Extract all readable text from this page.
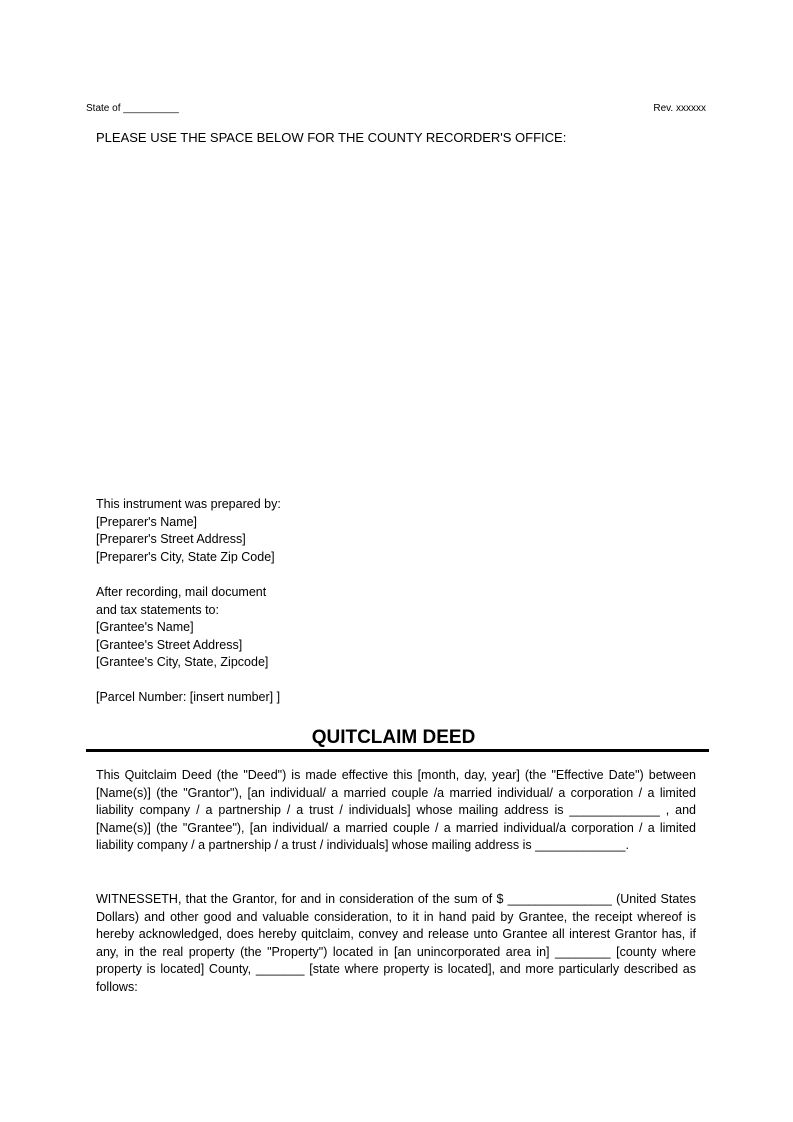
State of __________	Rev. xxxxxx
PLEASE USE THE SPACE BELOW FOR THE COUNTY RECORDER'S OFFICE:
This instrument was prepared by:
[Preparer's Name]
[Preparer's Street Address]
[Preparer's City, State Zip Code]
After recording, mail document
and tax statements to:
[Grantee's Name]
[Grantee's Street Address]
[Grantee's City, State, Zipcode]
[Parcel Number: [insert number] ]
QUITCLAIM DEED
This Quitclaim Deed (the "Deed") is made effective this [month, day, year] (the "Effective Date") between [Name(s)] (the "Grantor"), [an individual/ a married couple /a married individual/ a corporation / a limited liability company / a partnership / a trust / individuals] whose mailing address is _____________ , and [Name(s)] (the "Grantee"), [an individual/ a married couple / a married individual/a corporation / a limited liability company / a partnership / a trust / individuals] whose mailing address is _____________.
WITNESSETH, that the Grantor, for and in consideration of the sum of $ _______________ (United States Dollars) and other good and valuable consideration, to it in hand paid by Grantee, the receipt whereof is hereby acknowledged, does hereby quitclaim, convey and release unto Grantee all interest Grantor has, if any, in the real property (the "Property") located in [an unincorporated area in] ________ [county where property is located] County, _______ [state where property is located], and more particularly described as follows:
